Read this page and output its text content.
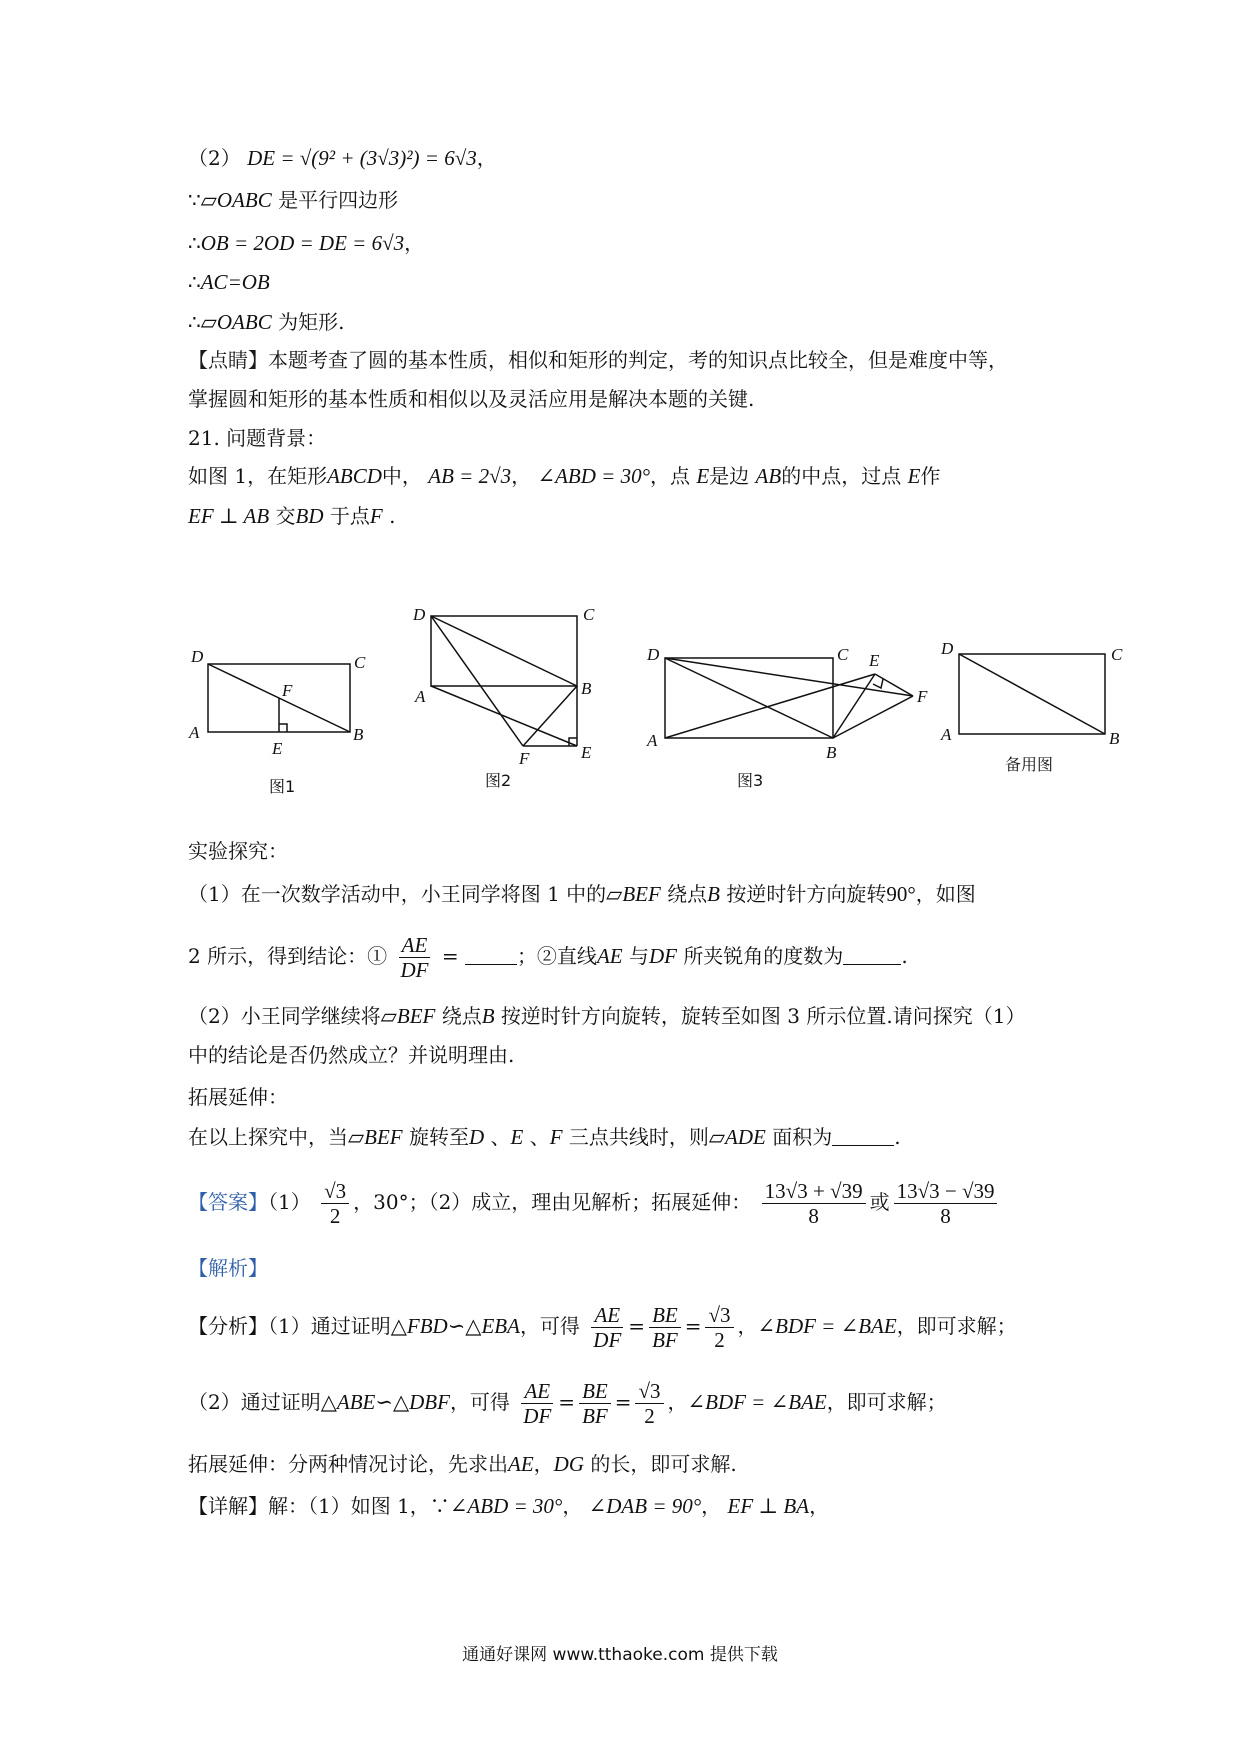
（2） DE = √(9² + (3√3)²) = 6√3，
∵▱OABC 是平行四边形
∴OB = 2OD = DE = 6√3，
∴AC=OB
∴▱OABC 为矩形.
【点睛】本题考查了圆的基本性质，相似和矩形的判定，考的知识点比较全，但是难度中等，
掌握圆和矩形的基本性质和相似以及灵活应用是解决本题的关键.
21. 问题背景：
如图 1，在矩形ABCD中， AB = 2√3， ∠ABD = 30°，点 E是边 AB的中点，过点 E作
EF ⊥ AB 交BD 于点F .
D	C
A	B
E
F
图1
D	C
A	B
E
F
图2
D	C
A
B
E
F
图3
D	C
A	B
备用图
实验探究：
（1）在一次数学活动中，小王同学将图 1 中的▱BEF 绕点B 按逆时针方向旋转90°，如图
2 所示，得到结论：① $\frac{AE}{DF}$ =	；②直线AE 与DF 所夹锐角的度数为	.
（2）小王同学继续将▱BEF 绕点B 按逆时针方向旋转，旋转至如图 3 所示位置.请问探究（1）
中的结论是否仍然成立？并说明理由.
拓展延伸：
在以上探究中，当▱BEF 旋转至D 、E 、F 三点共线时，则▱ADE 面积为	.
【答案】$(1) \frac{√3}{2}$ ，30°；（2）成立，理由见解析；拓展延伸： $\frac{13√3 + √39}{8}$ 或 $\frac{13√3 - √39}{8}$
【解析】
【分析】（1）通过证明△FBD∽△EBA，可得 $\frac{AE}{DF} = \frac{BE}{BF} = \frac{√3}{2}$ ，∠BDF = ∠BAE，即可求解；
（2）通过证明△ABE∽△DBF，可得 $\frac{AE}{DF} = \frac{BE}{BF} = \frac{√3}{2}$ ，∠BDF = ∠BAE，即可求解；
拓展延伸：分两种情况讨论，先求出AE，DG 的长，即可求解.
【详解】解：（1）如图 1，∵∠ABD = 30°， ∠DAB = 90°， EF ⊥ BA，
通通好课网 www.tthaoke.com 提供下载
